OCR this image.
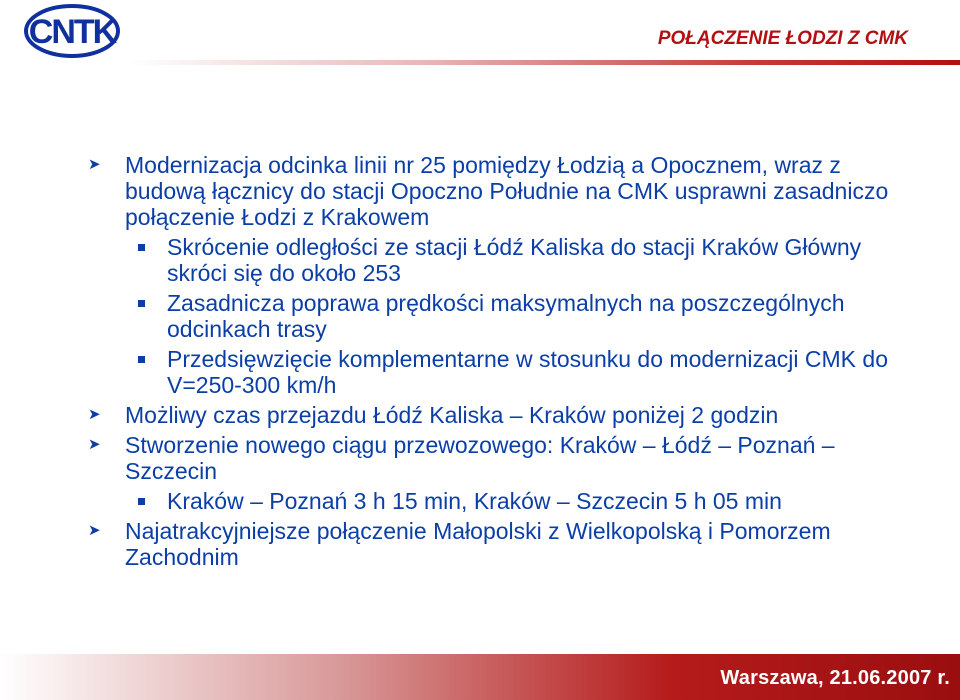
CNTK	POŁĄCZENIE ŁODZI Z CMK
➤ Modernizacja odcinka linii nr 25 pomiędzy Łodzią a Opocznem, wraz z budową łącznicy do stacji Opoczno Południe na CMK usprawni zasadniczo połączenie Łodzi z Krakowem
Skrócenie odległości ze stacji Łódź Kaliska do stacji Kraków Główny skróci się do około 253
Zasadnicza poprawa prędkości maksymalnych na poszczególnych odcinkach trasy
Przedsięwzięcie komplementarne w stosunku do modernizacji CMK do V=250-300 km/h
➤ Możliwy czas przejazdu Łódź Kaliska – Kraków poniżej 2 godzin
➤ Stworzenie nowego ciągu przewozowego: Kraków – Łódź – Poznań – Szczecin
Kraków – Poznań 3 h 15 min, Kraków – Szczecin 5 h 05 min
➤ Najatrakcyjniejsze połączenie Małopolski z Wielkopolską i Pomorzem Zachodnim
Warszawa, 21.06.2007 r.
